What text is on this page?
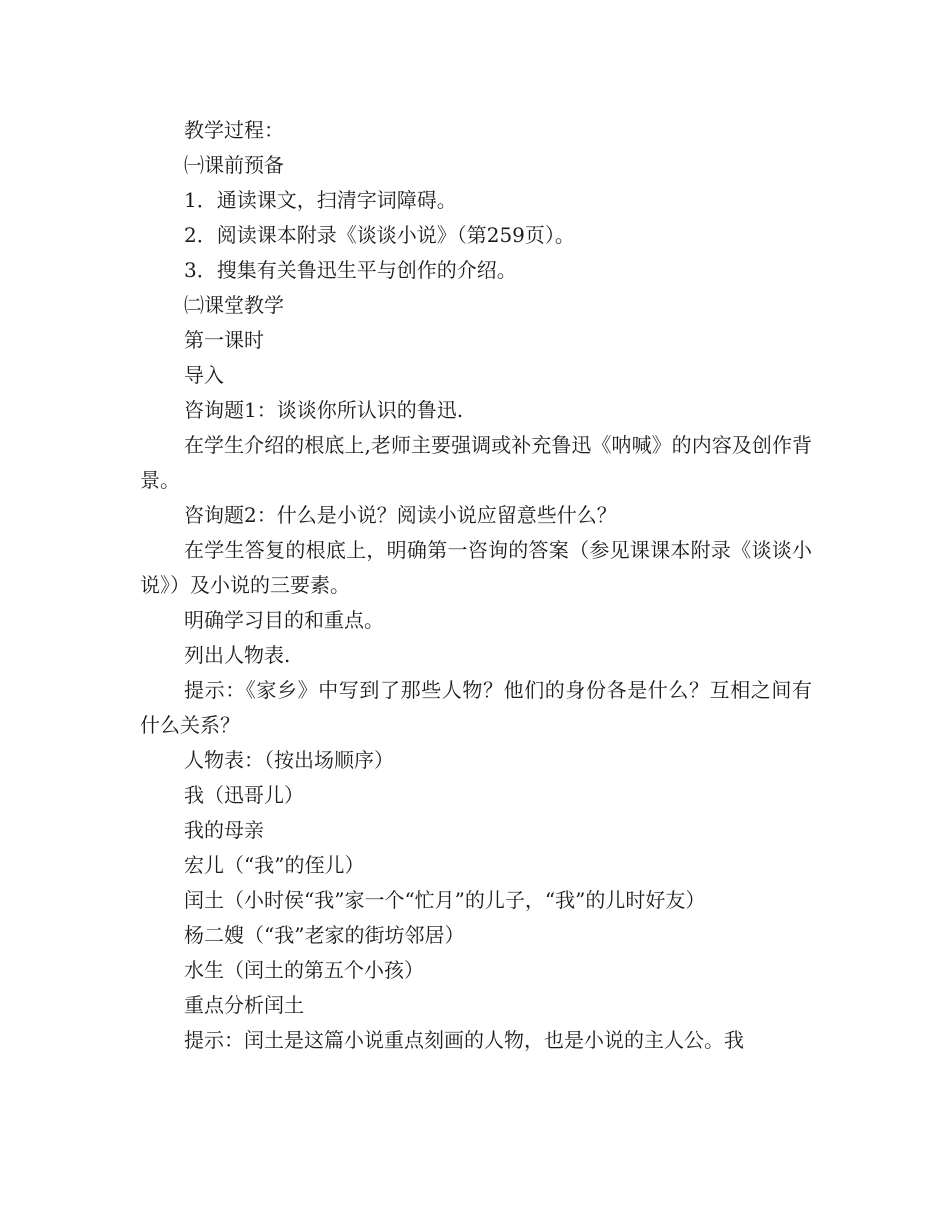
教学过程：

㈠课前预备

1．通读课文，扫清字词障碍。

2．阅读课本附录《谈谈小说》（第259页）。

3．搜集有关鲁迅生平与创作的介绍。

㈡课堂教学

第一课时

导入

咨询题1：谈谈你所认识的鲁迅.

在学生介绍的根底上,老师主要强调或补充鲁迅《呐喊》的内容及创作背景。

咨询题2：什么是小说？阅读小说应留意些什么？

在学生答复的根底上，明确第一咨询的答案（参见课课本附录《谈谈小说》）及小说的三要素。

明确学习目的和重点。

列出人物表.

提示：《家乡》中写到了那些人物？他们的身份各是什么？互相之间有什么关系？

人物表：（按出场顺序）

我（迅哥儿）

我的母亲

宏儿（“我”的侄儿）

闰土（小时侯“我”家一个“忙月”的儿子，“我”的儿时好友）

杨二嫂（“我”老家的街坊邻居）

水生（闰土的第五个小孩）

重点分析闰土

提示：闰土是这篇小说重点刻画的人物，也是小说的主人公。我
